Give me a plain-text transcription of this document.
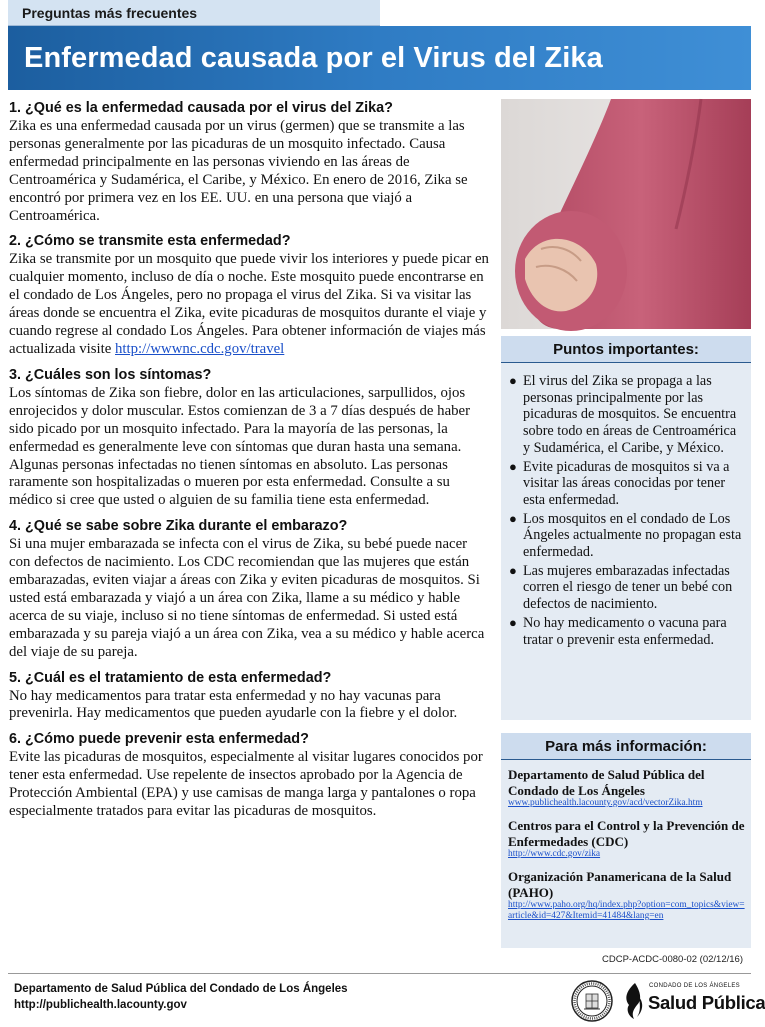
Preguntas más frecuentes
Enfermedad causada por el Virus del Zika
1. ¿Qué es la enfermedad causada por el virus del Zika?

Zika es una enfermedad causada por un virus (germen) que se transmite a las personas generalmente por las picaduras de un mosquito infectado. Causa enfermedad principalmente en las personas viviendo en las áreas de Centroamérica y Sudamérica, el Caribe, y México. En enero de 2016, Zika se encontró por primera vez en los EE. UU. en una persona que viajó a Centroamérica.

2. ¿Cómo se transmite esta enfermedad?

Zika se transmite por un mosquito que puede vivir los interiores y puede picar en cualquier momento, incluso de día o noche. Este mosquito puede encontrarse en el condado de Los Ángeles, pero no propaga el virus del Zika. Si va visitar las áreas donde se encuentra el Zika, evite picaduras de mosquitos durante el viaje y cuando regrese al condado Los Ángeles. Para obtener información de viajes más actualizada visite http://wwwnc.cdc.gov/travel

3. ¿Cuáles son los síntomas?

Los síntomas de Zika son fiebre, dolor en las articulaciones, sarpullidos, ojos enrojecidos y dolor muscular. Estos comienzan de 3 a 7 días después de haber sido picado por un mosquito infectado. Para la mayoría de las personas, la enfermedad es generalmente leve con síntomas que duran hasta una semana. Algunas personas infectadas no tienen síntomas en absoluto. Las personas raramente son hospitalizadas o mueren por esta enfermedad. Consulte a su médico si cree que usted o alguien de su familia tiene esta enfermedad.

4. ¿Qué se sabe sobre Zika durante el embarazo?

Si una mujer embarazada se infecta con el virus de Zika, su bebé puede nacer con defectos de nacimiento. Los CDC recomiendan que las mujeres que están embarazadas, eviten viajar a áreas con Zika y eviten picaduras de mosquitos. Si usted está embarazada y viajó a un área con Zika, llame a su médico y hable acerca de su viaje, incluso si no tiene síntomas de enfermedad. Si usted está embarazada y su pareja viajó a un área con Zika, vea a su médico y hable acerca del viaje de su pareja.

5. ¿Cuál es el tratamiento de esta enfermedad?

No hay medicamentos para tratar esta enfermedad y no hay vacunas para prevenirla. Hay medicamentos que pueden ayudarle con la fiebre y el dolor.

6. ¿Cómo puede prevenir esta enfermedad?

Evite las picaduras de mosquitos, especialmente al visitar lugares conocidos por tener esta enfermedad. Use repelente de insectos aprobado por la Agencia de Protección Ambiental (EPA) y use camisas de manga larga y pantalones o ropa especialmente tratados para evitar las picaduras de mosquitos.

Puntos importantes:
● El virus del Zika se propaga a las personas principalmente por las picaduras de mosquitos. Se encuentra sobre todo en áreas de Centroamérica y Sudamérica, el Caribe, y México.
● Evite picaduras de mosquitos si va a visitar las áreas conocidas por tener esta enfermedad.
● Los mosquitos en el condado de Los Ángeles actualmente no propagan esta enfermedad.
● Las mujeres embarazadas infectadas corren el riesgo de tener un bebé con defectos de nacimiento.
● No hay medicamento o vacuna para tratar o prevenir esta enfermedad.
Para más información:
Departamento de Salud Pública del Condado de Los Ángeles
www.publichealth.lacounty.gov/acd/vectorZika.htm
Centros para el Control y la Prevención de Enfermedades (CDC)
http://www.cdc.gov/zika
Organización Panamericana de la Salud (PAHO)
http://www.paho.org/hq/index.php?option=com_topics&view=article&id=427&Itemid=41484&lang=en
CDCP-ACDC-0080-02 (02/12/16)
Departamento de Salud Pública del Condado de Los Ángeles
http://publichealth.lacounty.gov
CONDADO DE LOS ÁNGELES
Salud Pública
